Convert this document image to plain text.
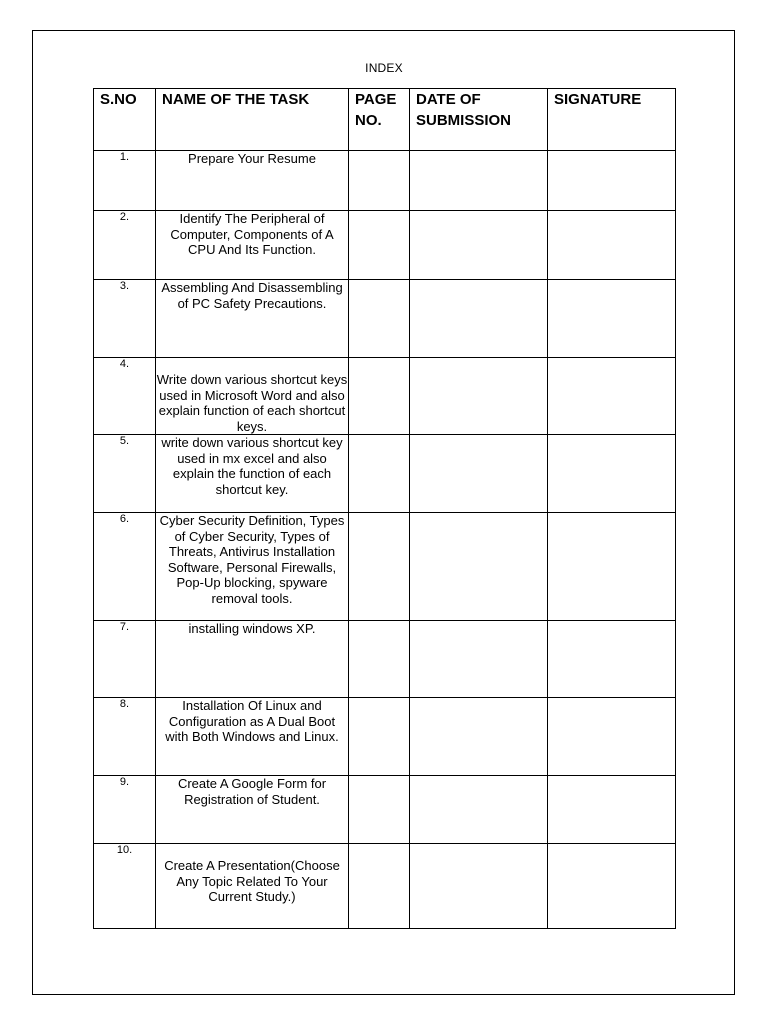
INDEX
S.NO	NAME OF THE TASK	PAGE NO.	DATE OF SUBMISSION	SIGNATURE
1.	Prepare Your Resume			
2.	Identify The Peripheral of Computer, Components of A CPU And Its Function.			
3.	Assembling And Disassembling of PC Safety Precautions.			
4.	Write down various shortcut keys used in Microsoft Word and also explain function of each shortcut keys.			
5.	write down various shortcut key used in mx excel and also explain the function of each shortcut key.			
6.	Cyber Security Definition, Types of Cyber Security, Types of Threats, Antivirus Installation Software, Personal Firewalls, Pop-Up blocking, spyware removal tools.			
7.	installing windows XP.			
8.	Installation Of Linux and Configuration as A Dual Boot with Both Windows and Linux.			
9.	Create A Google Form for Registration of Student.			
10.	Create A Presentation(Choose Any Topic Related To Your Current Study.)			
